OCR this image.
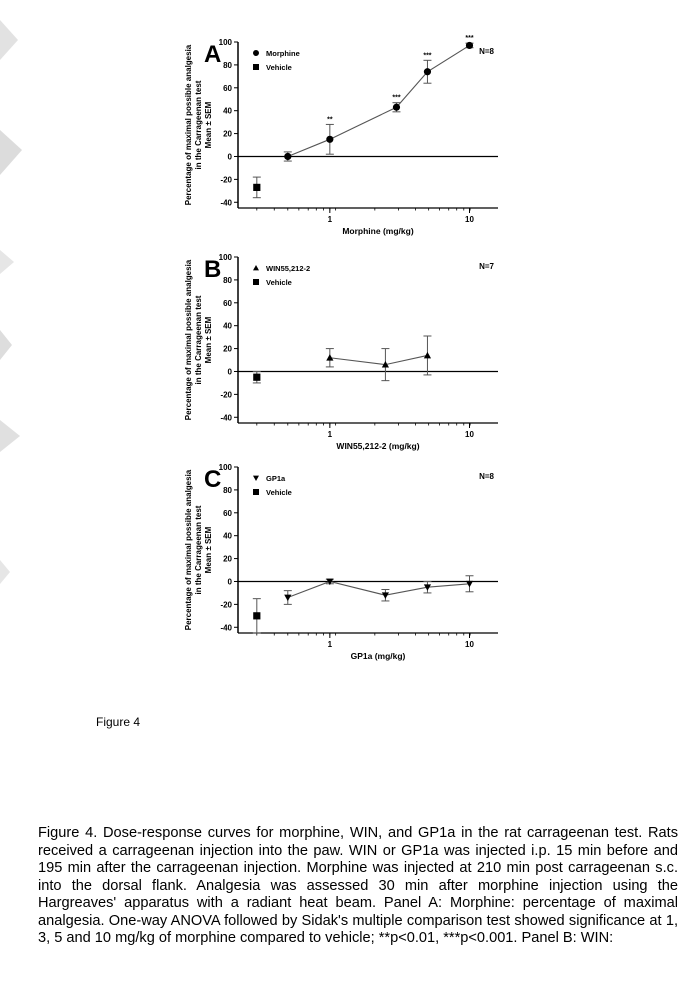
-40
-20
0
20
40
60
80
100
1	10
Morphine (mg/kg)
A	N=8
Morphine
Vehicle
**
***
***
***
Percentage of maximal possible analgesia in the Carrageenan test Mean ± SEM
-40
-20
0
20
40
60
80
100
1	10
WIN55,212-2 (mg/kg)
B	N=7
WIN55,212-2
Vehicle
Percentage of maximal possible analgesia in the Carrageenan test Mean ± SEM
-40
-20
0
20
40
60
80
100
1	10
GP1a (mg/kg)
C	N=8
GP1a
Vehicle
Percentage of maximal possible analgesia in the Carrageenan test Mean ± SEM
Figure 4
Figure 4. Dose-response curves for morphine, WIN, and GP1a in the rat carrageenan test. Rats received a carrageenan injection into the paw. WIN or GP1a was injected i.p. 15 min before and 195 min after the carrageenan injection. Morphine was injected at 210 min post carrageenan s.c. into the dorsal flank. Analgesia was assessed 30 min after morphine injection using the Hargreaves' apparatus with a radiant heat beam. Panel A: Morphine: percentage of maximal analgesia. One-way ANOVA followed by Sidak's multiple comparison test showed significance at 1, 3, 5 and 10 mg/kg of morphine compared to vehicle; **p<0.01, ***p<0.001. Panel B: WIN:
